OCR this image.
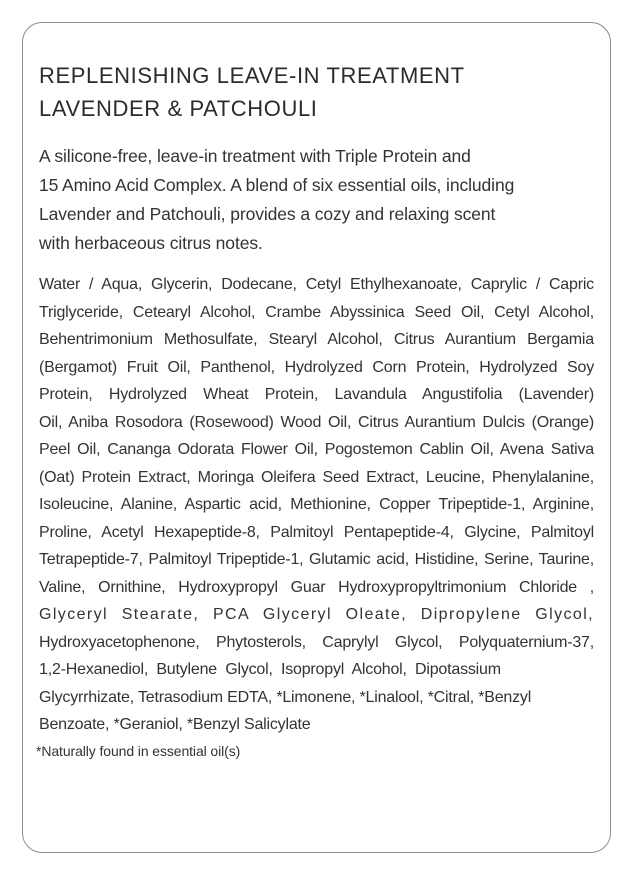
REPLENISHING LEAVE-IN TREATMENT
LAVENDER & PATCHOULI
A silicone-free, leave-in treatment with Triple Protein and
15 Amino Acid Complex. A blend of six essential oils, including
Lavender and Patchouli, provides a cozy and relaxing scent
with herbaceous citrus notes.
Water / Aqua, Glycerin, Dodecane, Cetyl Ethylhexanoate, Caprylic / Capric
Triglyceride, Cetearyl Alcohol, Crambe Abyssinica Seed Oil, Cetyl Alcohol,
Behentrimonium Methosulfate, Stearyl Alcohol, Citrus Aurantium Bergamia
(Bergamot) Fruit Oil, Panthenol, Hydrolyzed Corn Protein, Hydrolyzed Soy
Protein, Hydrolyzed Wheat Protein, Lavandula Angustifolia (Lavender)
Oil, Aniba Rosodora (Rosewood) Wood Oil, Citrus Aurantium Dulcis (Orange)
Peel Oil, Cananga Odorata Flower Oil, Pogostemon Cablin Oil, Avena Sativa
(Oat) Protein Extract, Moringa Oleifera Seed Extract, Leucine, Phenylalanine,
Isoleucine, Alanine, Aspartic acid, Methionine, Copper Tripeptide-1, Arginine,
Proline, Acetyl Hexapeptide-8, Palmitoyl Pentapeptide-4, Glycine, Palmitoyl
Tetrapeptide-7, Palmitoyl Tripeptide-1, Glutamic acid, Histidine, Serine, Taurine,
Valine, Ornithine, Hydroxypropyl Guar Hydroxypropyltrimonium Chloride ,
Glyceryl Stearate, PCA Glyceryl Oleate, Dipropylene Glycol,
Hydroxyacetophenone, Phytosterols, Caprylyl Glycol, Polyquaternium-37,
1,2-Hexanediol, Butylene Glycol, Isopropyl Alcohol, Dipotassium
Glycyrrhizate, Tetrasodium EDTA, *Limonene, *Linalool, *Citral, *Benzyl
Benzoate, *Geraniol, *Benzyl Salicylate
*Naturally found in essential oil(s)
